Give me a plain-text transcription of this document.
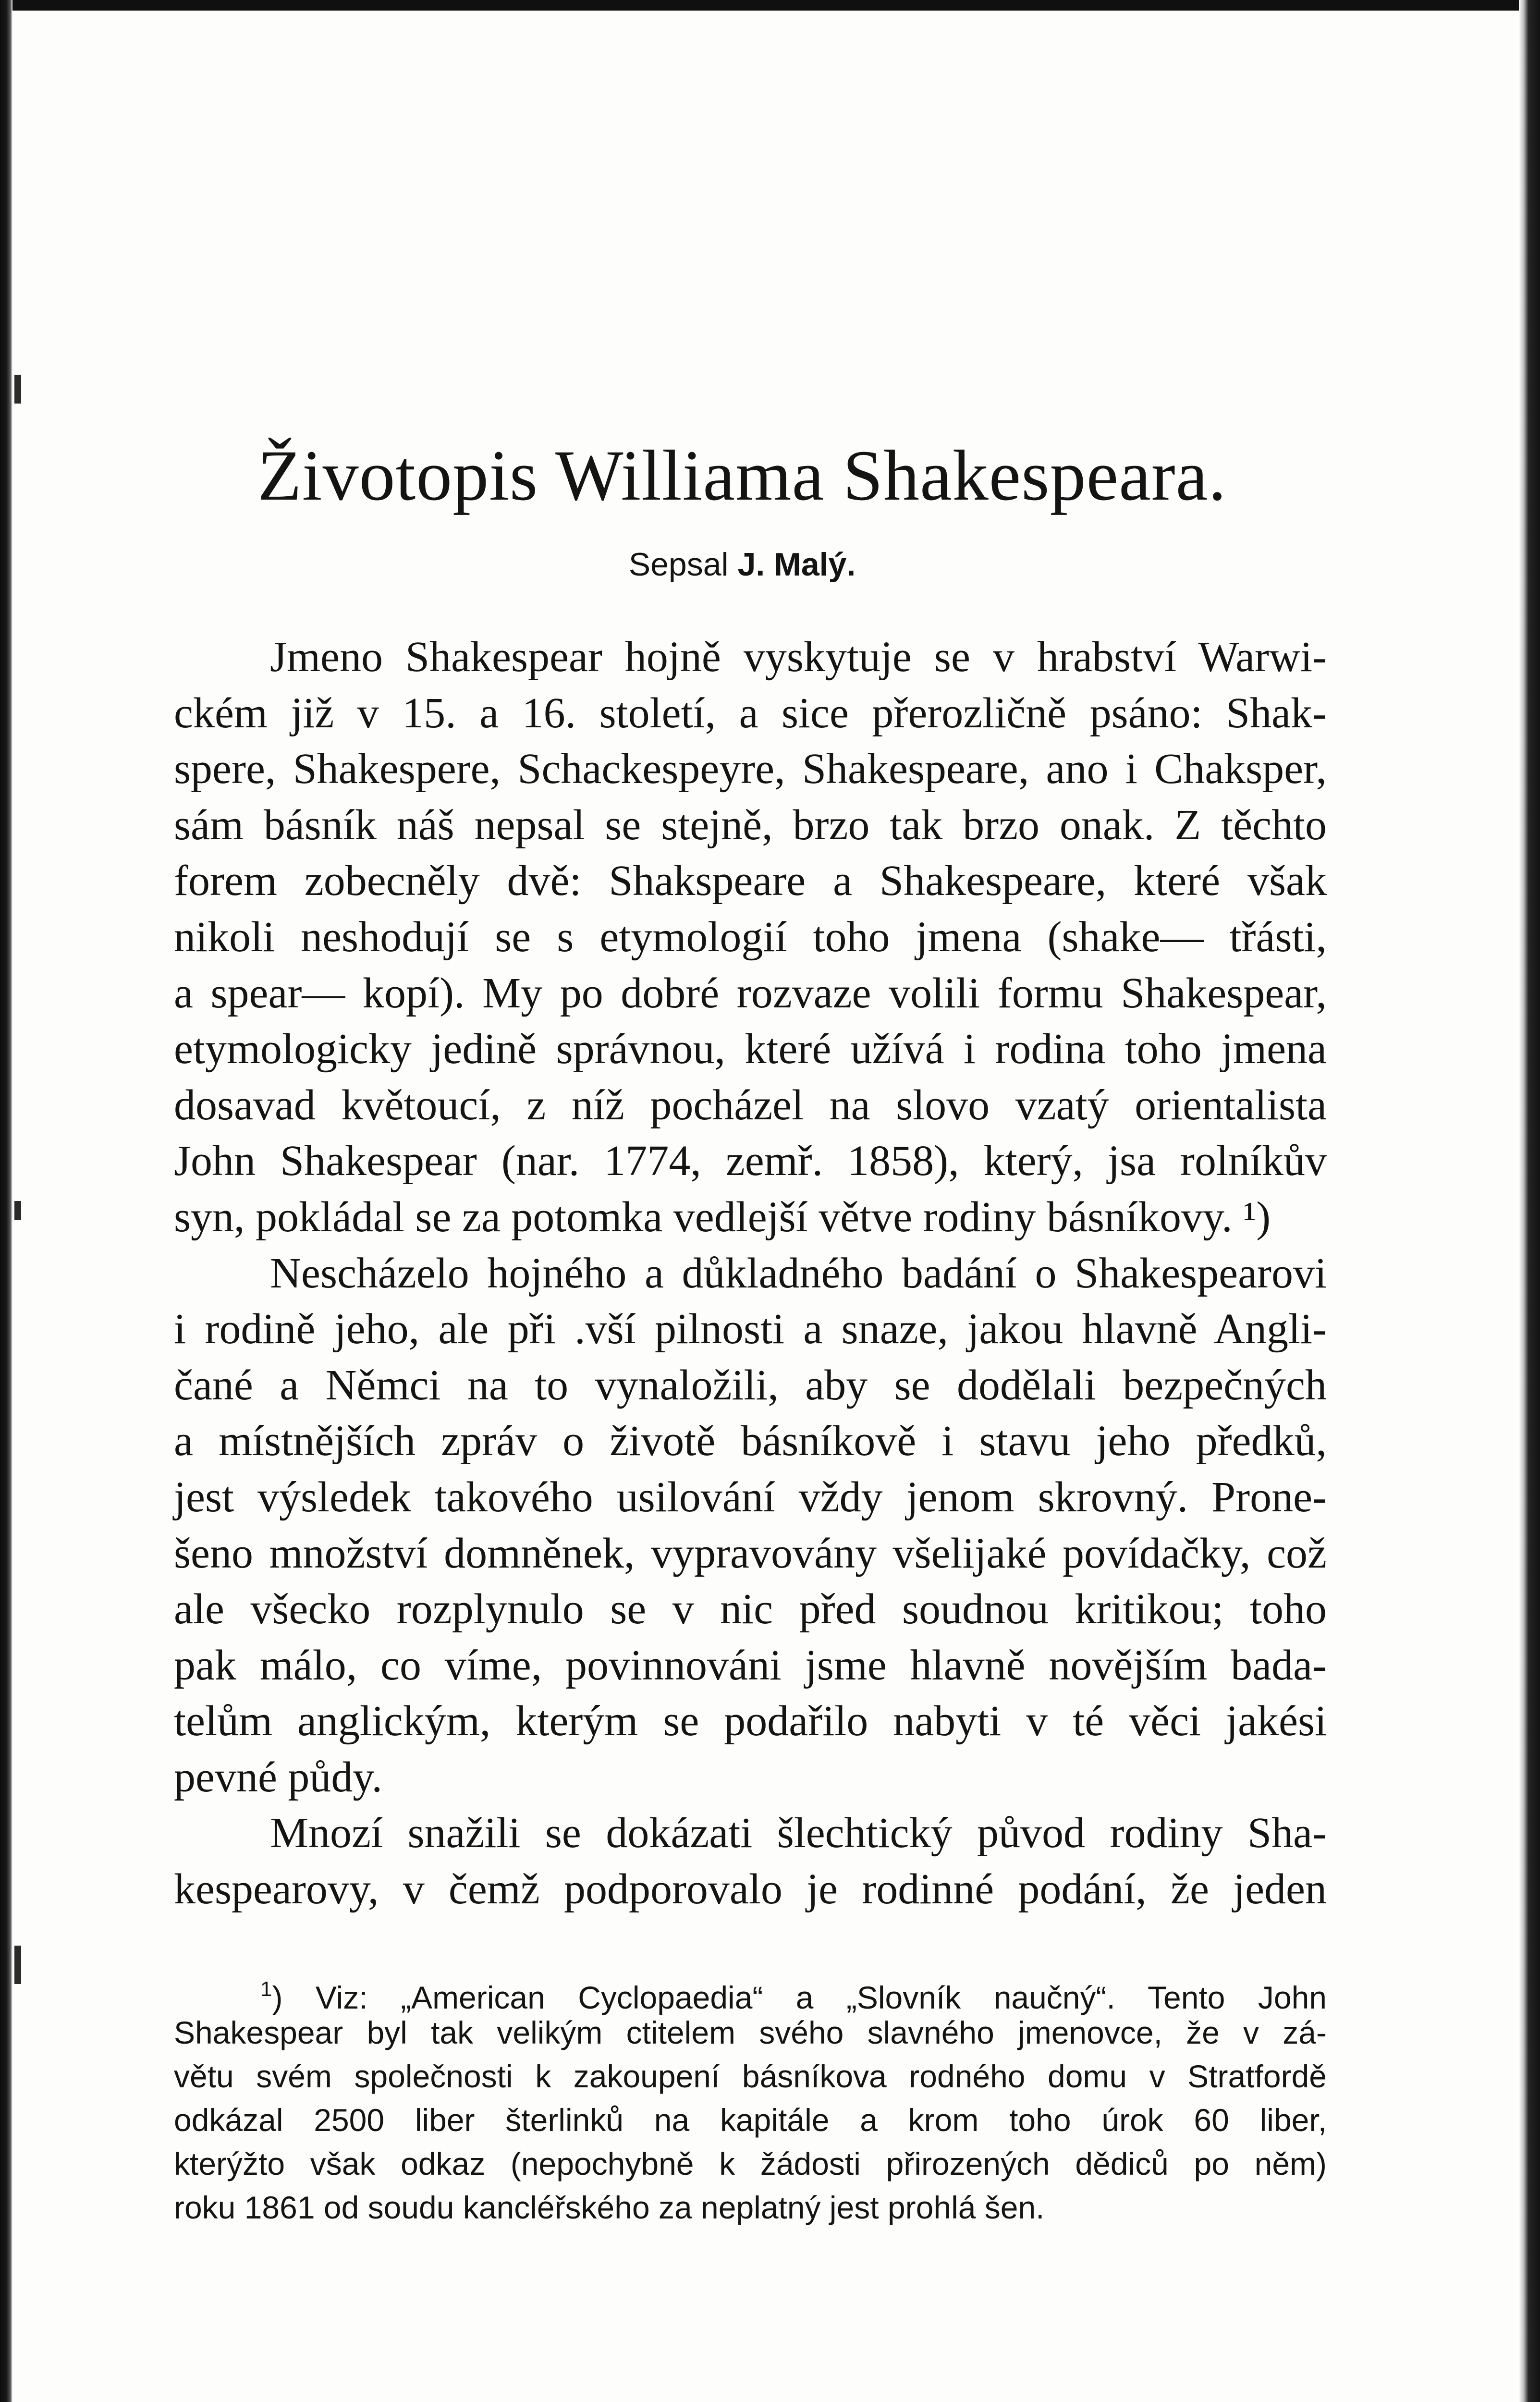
Životopis Williama Shakespeara.
Sepsal J. Malý.
Jmeno Shakespear hojně vyskytuje se v hrabství Warwi-
ckém již v 15. a 16. století, a sice přerozličně psáno: Shak-
spere, Shakespere, Schackespeyre, Shakespeare, ano i Chaksper,
sám básník náš nepsal se stejně, brzo tak brzo onak. Z těchto
forem zobecněly dvě: Shakspeare a Shakespeare, které však
nikoli neshodují se s etymologií toho jmena (shake— třásti,
a spear— kopí). My po dobré rozvaze volili formu Shakespear,
etymologicky jedině správnou, které užívá i rodina toho jmena
dosavad květoucí, z níž pocházel na slovo vzatý orientalista
John Shakespear (nar. 1774, zemř. 1858), který, jsa rolníkův
syn, pokládal se za potomka vedlejší větve rodiny básníkovy. ¹)
Nescházelo hojného a důkladného badání o Shakespearovi
i rodině jeho, ale při .vší pilnosti a snaze, jakou hlavně Angli-
čané a Němci na to vynaložili, aby se dodělali bezpečných
a místnějších zpráv o životě básníkově i stavu jeho předků,
jest výsledek takového usilování vždy jenom skrovný. Prone-
šeno množství domněnek, vypravovány všelijaké povídačky, což
ale všecko rozplynulo se v nic před soudnou kritikou; toho
pak málo, co víme, povinnováni jsme hlavně novějším bada-
telům anglickým, kterým se podařilo nabyti v té věci jakési
pevné půdy.
Mnozí snažili se dokázati šlechtický původ rodiny Sha-
kespearovy, v čemž podporovalo je rodinné podání, že jeden
$^1$) Viz: „American Cyclopaedia“ a „Slovník naučný“. Tento John
Shakespear byl tak velikým ctitelem svého slavného jmenovce, že v zá-
větu svém společnosti k zakoupení básníkova rodného domu v Stratfordě
odkázal 2500 liber šterlinků na kapitále a krom toho úrok 60 liber,
kterýžto však odkaz (nepochybně k žádosti přirozených dědiců po něm)
roku 1861 od soudu kancléřského za neplatný jest prohlá šen.
